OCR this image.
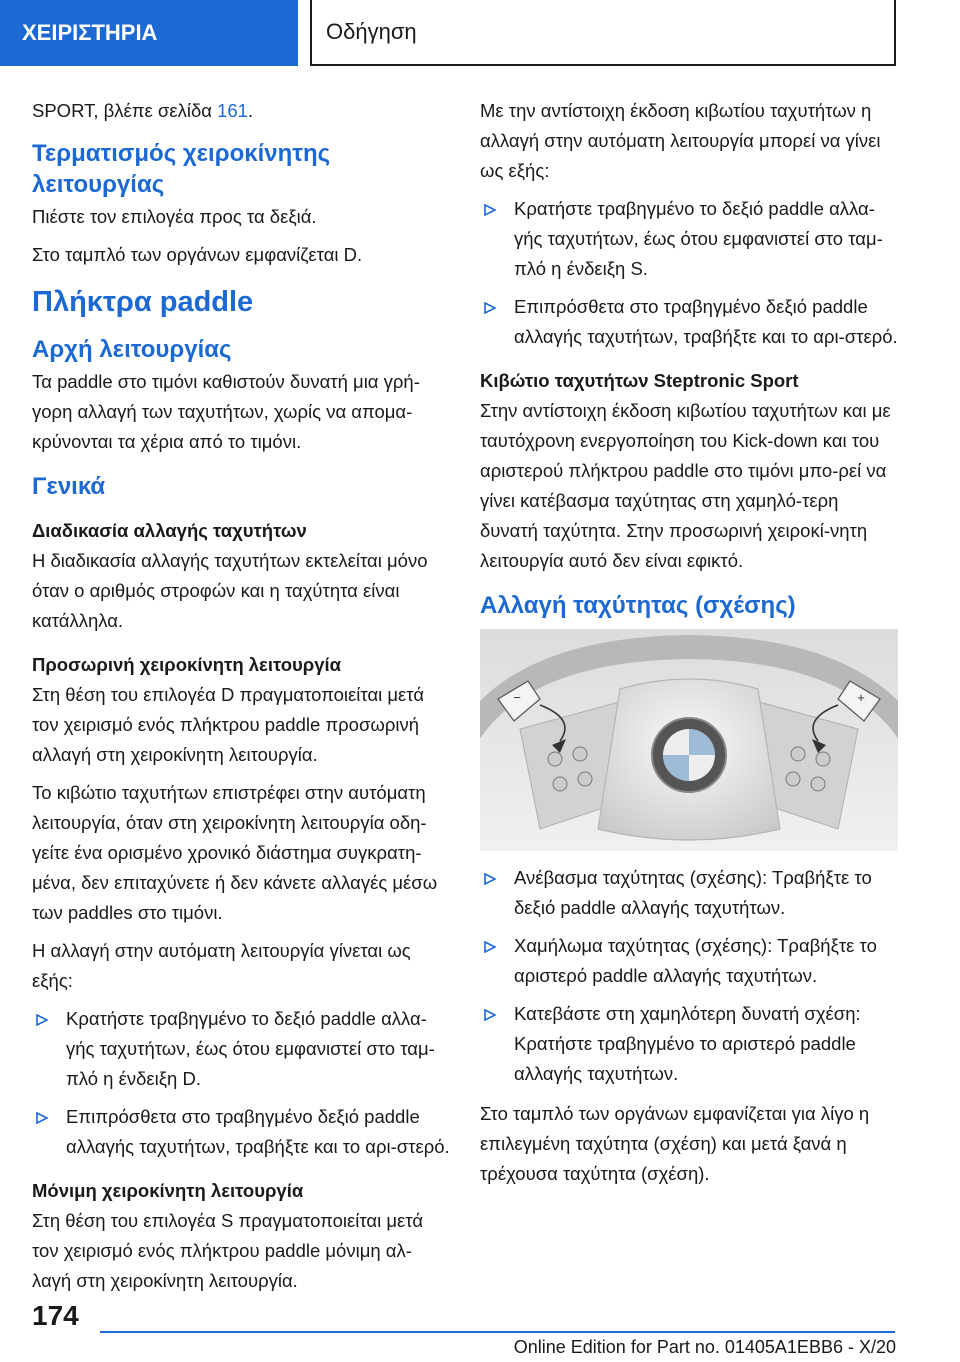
ΧΕΙΡΙΣΤΗΡΙΑ	Οδήγηση

SPORT, βλέπε σελίδα 161.

Τερματισμός χειροκίνητης λειτουργίας

Πιέστε τον επιλογέα προς τα δεξιά.

Στο ταμπλό των οργάνων εμφανίζεται D.

Πλήκτρα paddle
Αρχή λειτουργίας

Τα paddle στο τιμόνι καθιστούν δυνατή μια γρή-γορη αλλαγή των ταχυτήτων, χωρίς να απομα-κρύνονται τα χέρια από το τιμόνι.

Γενικά
Διαδικασία αλλαγής ταχυτήτων

Η διαδικασία αλλαγής ταχυτήτων εκτελείται μόνο όταν ο αριθμός στροφών και η ταχύτητα είναι κατάλληλα.

Προσωρινή χειροκίνητη λειτουργία

Στη θέση του επιλογέα D πραγματοποιείται μετά τον χειρισμό ενός πλήκτρου paddle προσωρινή αλλαγή στη χειροκίνητη λειτουργία.

Το κιβώτιο ταχυτήτων επιστρέφει στην αυτόματη λειτουργία, όταν στη χειροκίνητη λειτουργία οδη-γείτε ένα ορισμένο χρονικό διάστημα συγκρατη-μένα, δεν επιταχύνετε ή δεν κάνετε αλλαγές μέσω των paddles στο τιμόνι.

Η αλλαγή στην αυτόματη λειτουργία γίνεται ως εξής:

Κρατήστε τραβηγμένο το δεξιό paddle αλλα-γής ταχυτήτων, έως ότου εμφανιστεί στο ταμ-πλό η ένδειξη D.
Επιπρόσθετα στο τραβηγμένο δεξιό paddle αλλαγής ταχυτήτων, τραβήξτε και το αρι-στερό.
Μόνιμη χειροκίνητη λειτουργία

Στη θέση του επιλογέα S πραγματοποιείται μετά τον χειρισμό ενός πλήκτρου paddle μόνιμη αλ-λαγή στη χειροκίνητη λειτουργία.

Με την αντίστοιχη έκδοση κιβωτίου ταχυτήτων η αλλαγή στην αυτόματη λειτουργία μπορεί να γίνει ως εξής:

Κρατήστε τραβηγμένο το δεξιό paddle αλλα-γής ταχυτήτων, έως ότου εμφανιστεί στο ταμ-πλό η ένδειξη S.
Επιπρόσθετα στο τραβηγμένο δεξιό paddle αλλαγής ταχυτήτων, τραβήξτε και το αρι-στερό.
Κιβώτιο ταχυτήτων Steptronic Sport

Στην αντίστοιχη έκδοση κιβωτίου ταχυτήτων και με ταυτόχρονη ενεργοποίηση του Kick-down και του αριστερού πλήκτρου paddle στο τιμόνι μπο-ρεί να γίνει κατέβασμα ταχύτητας στη χαμηλό-τερη δυνατή ταχύτητα. Στην προσωρινή χειροκί-νητη λειτουργία αυτό δεν είναι εφικτό.

Αλλαγή ταχύτητας (σχέσης)
−	+
Ανέβασμα ταχύτητας (σχέσης): Τραβήξτε το δεξιό paddle αλλαγής ταχυτήτων.
Χαμήλωμα ταχύτητας (σχέσης): Τραβήξτε το αριστερό paddle αλλαγής ταχυτήτων.
Κατεβάστε στη χαμηλότερη δυνατή σχέση: Κρατήστε τραβηγμένο το αριστερό paddle αλλαγής ταχυτήτων.

Στο ταμπλό των οργάνων εμφανίζεται για λίγο η επιλεγμένη ταχύτητα (σχέση) και μετά ξανά η τρέχουσα ταχύτητα (σχέση).

174
Online Edition for Part no. 01405A1EBB6 - X/20
